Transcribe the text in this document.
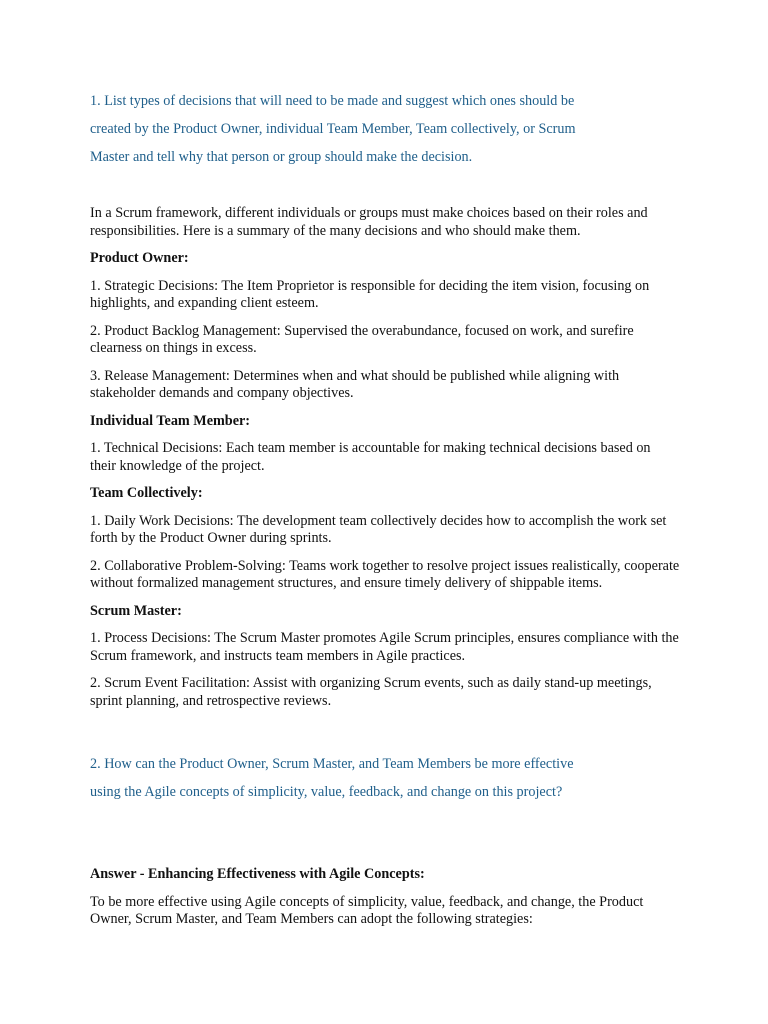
1. List types of decisions that will need to be made and suggest which ones should be
created by the Product Owner, individual Team Member, Team collectively, or Scrum
Master and tell why that person or group should make the decision.

In a Scrum framework, different individuals or groups must make choices based on their roles and responsibilities. Here is a summary of the many decisions and who should make them.

Product Owner:

1. Strategic Decisions: The Item Proprietor is responsible for deciding the item vision, focusing on highlights, and expanding client esteem.

2. Product Backlog Management: Supervised the overabundance, focused on work, and surefire clearness on things in excess.

3. Release Management: Determines when and what should be published while aligning with stakeholder demands and company objectives.

Individual Team Member:

1. Technical Decisions: Each team member is accountable for making technical decisions based on their knowledge of the project.

Team Collectively:

1. Daily Work Decisions: The development team collectively decides how to accomplish the work set forth by the Product Owner during sprints.

2. Collaborative Problem-Solving: Teams work together to resolve project issues realistically, cooperate without formalized management structures, and ensure timely delivery of shippable items.

Scrum Master:

1. Process Decisions: The Scrum Master promotes Agile Scrum principles, ensures compliance with the Scrum framework, and instructs team members in Agile practices.

2. Scrum Event Facilitation: Assist with organizing Scrum events, such as daily stand-up meetings, sprint planning, and retrospective reviews.

2. How can the Product Owner, Scrum Master, and Team Members be more effective
using the Agile concepts of simplicity, value, feedback, and change on this project?

Answer - Enhancing Effectiveness with Agile Concepts:

To be more effective using Agile concepts of simplicity, value, feedback, and change, the Product Owner, Scrum Master, and Team Members can adopt the following strategies:
